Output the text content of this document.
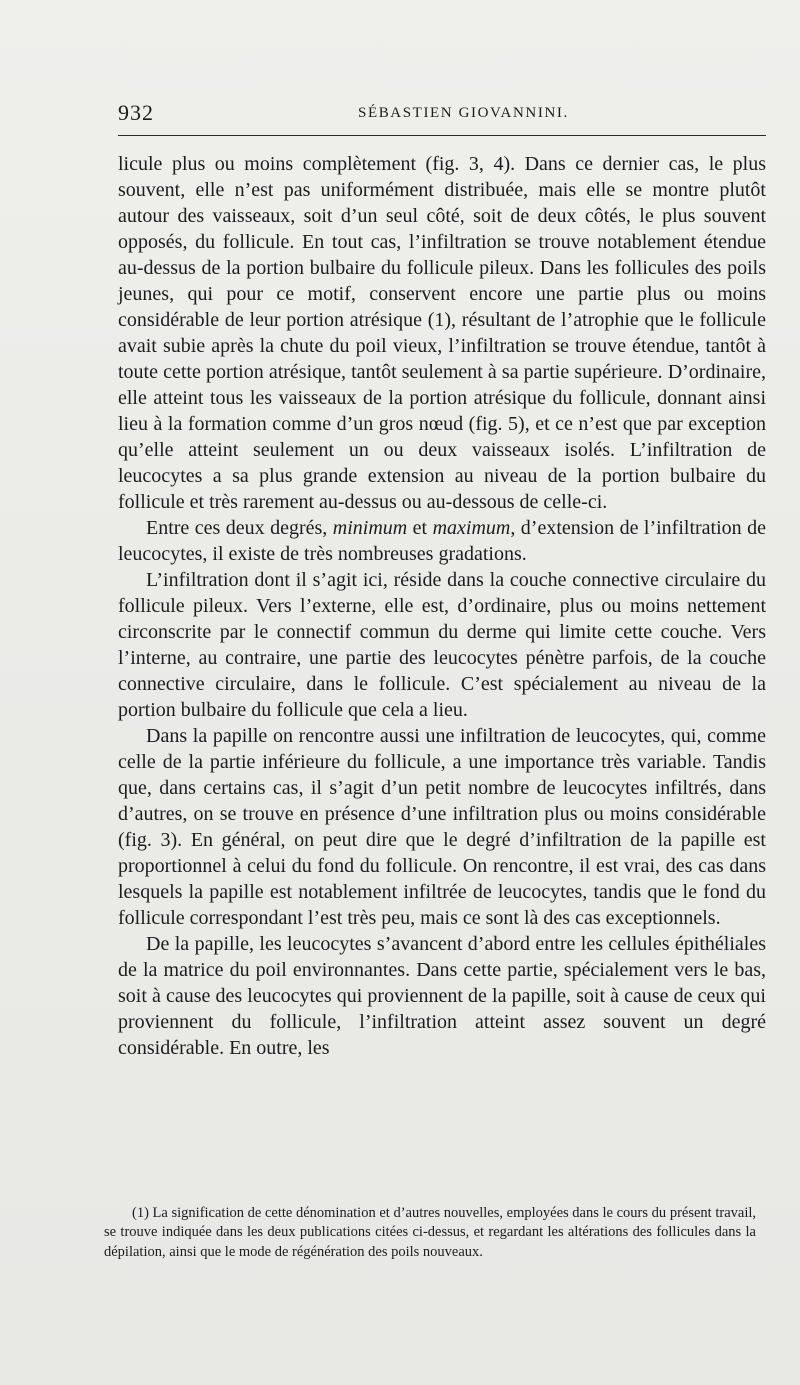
932	SÉBASTIEN GIOVANNINI.

licule plus ou moins complètement (fig. 3, 4). Dans ce dernier cas, le plus souvent, elle n’est pas uniformément distribuée, mais elle se montre plutôt autour des vaisseaux, soit d’un seul côté, soit de deux côtés, le plus souvent opposés, du follicule. En tout cas, l’infiltration se trouve notablement étendue au-dessus de la portion bulbaire du follicule pileux. Dans les follicules des poils jeunes, qui pour ce motif, conservent encore une partie plus ou moins considérable de leur portion atrésique (1), résultant de l’atrophie que le follicule avait subie après la chute du poil vieux, l’infiltration se trouve étendue, tantôt à toute cette portion atrésique, tantôt seulement à sa partie supérieure. D’ordinaire, elle atteint tous les vaisseaux de la portion atrésique du follicule, donnant ainsi lieu à la formation comme d’un gros nœud (fig. 5), et ce n’est que par exception qu’elle atteint seulement un ou deux vaisseaux isolés. L’infiltration de leucocytes a sa plus grande extension au niveau de la portion bulbaire du follicule et très rarement au-dessus ou au-dessous de celle-ci.

Entre ces deux degrés, minimum et maximum, d’extension de l’infiltration de leucocytes, il existe de très nombreuses gradations.

L’infiltration dont il s’agit ici, réside dans la couche connective circulaire du follicule pileux. Vers l’externe, elle est, d’ordinaire, plus ou moins nettement circonscrite par le connectif commun du derme qui limite cette couche. Vers l’interne, au contraire, une partie des leucocytes pénètre parfois, de la couche connective circulaire, dans le follicule. C’est spécialement au niveau de la portion bulbaire du follicule que cela a lieu.

Dans la papille on rencontre aussi une infiltration de leucocytes, qui, comme celle de la partie inférieure du follicule, a une importance très variable. Tandis que, dans certains cas, il s’agit d’un petit nombre de leucocytes infiltrés, dans d’autres, on se trouve en présence d’une infiltration plus ou moins considérable (fig. 3). En général, on peut dire que le degré d’infiltration de la papille est proportionnel à celui du fond du follicule. On rencontre, il est vrai, des cas dans lesquels la papille est notablement infiltrée de leucocytes, tandis que le fond du follicule correspondant l’est très peu, mais ce sont là des cas exceptionnels.

De la papille, les leucocytes s’avancent d’abord entre les cellules épithéliales de la matrice du poil environnantes. Dans cette partie, spécialement vers le bas, soit à cause des leucocytes qui proviennent de la papille, soit à cause de ceux qui proviennent du follicule, l’infiltration atteint assez souvent un degré considérable. En outre, les

(1) La signification de cette dénomination et d’autres nouvelles, employées dans le cours du présent travail, se trouve indiquée dans les deux publications citées ci-dessus, et regardant les altérations des follicules dans la dépilation, ainsi que le mode de régénération des poils nouveaux.
